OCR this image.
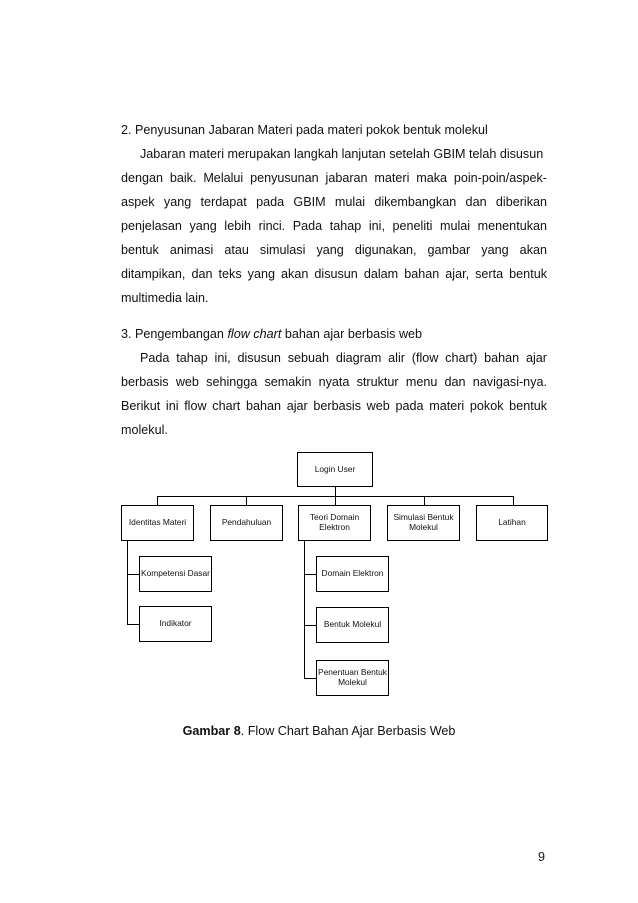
2. Penyusunan Jabaran Materi pada materi pokok bentuk molekul
Jabaran materi merupakan langkah lanjutan setelah GBIM telah disusun
dengan baik. Melalui penyusunan jabaran materi maka poin-poin/aspek-
aspek yang terdapat pada GBIM mulai dikembangkan dan diberikan
penjelasan yang lebih rinci. Pada tahap ini, peneliti mulai menentukan
bentuk animasi atau simulasi yang digunakan, gambar yang akan
ditampikan, dan teks yang akan disusun dalam bahan ajar, serta bentuk
multimedia lain.
3. Pengembangan flow chart bahan ajar berbasis web
Pada tahap ini, disusun sebuah diagram alir (flow chart) bahan ajar
berbasis web sehingga semakin nyata struktur menu dan navigasi-nya.
Berikut ini flow chart bahan ajar berbasis web pada materi pokok bentuk
molekul.
Login User
Identitas Materi	Pendahuluan	Teori Domain Elektron
Simulasi Bentuk Molekul	Latihan
Kompetensi Dasar
Indikator
Domain Elektron
Bentuk Molekul
Penentuan Bentuk Molekul
Gambar 8. Flow Chart Bahan Ajar Berbasis Web
9
